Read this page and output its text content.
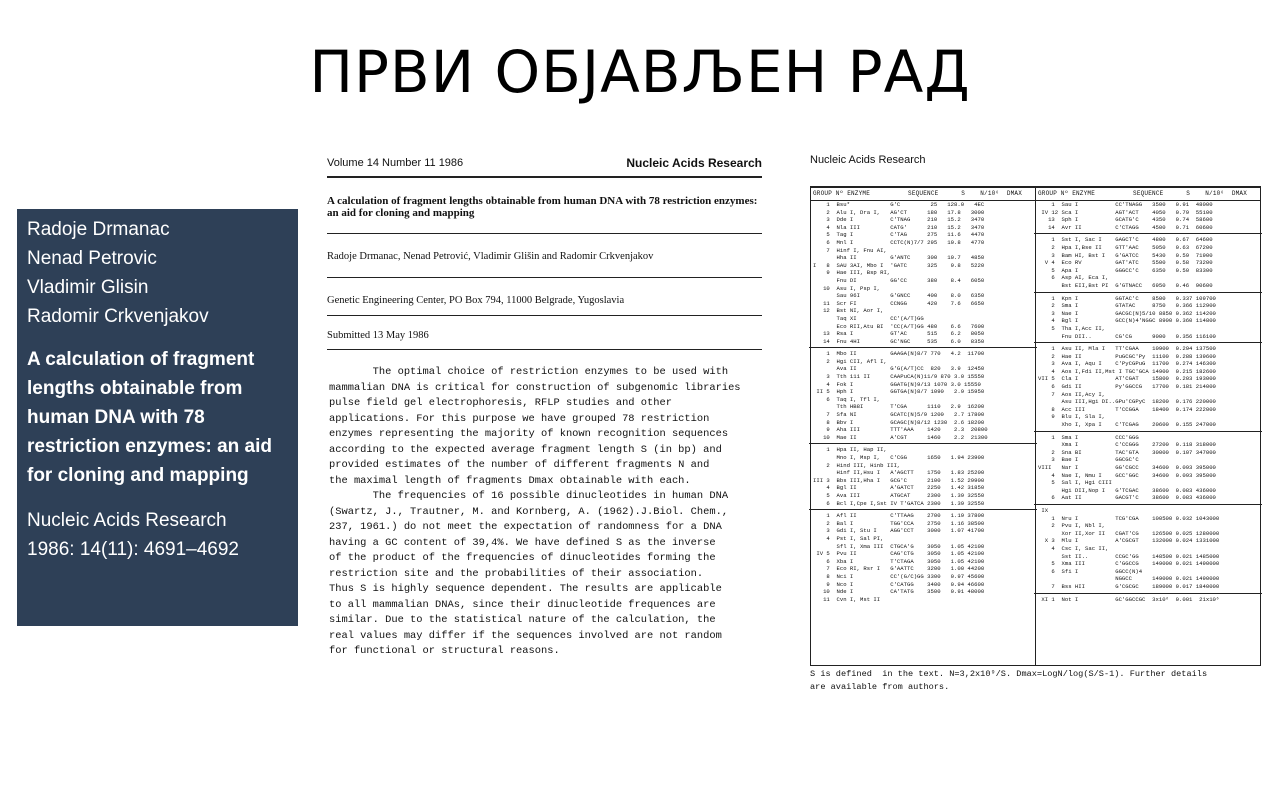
ПРВИ ОБЈАВЉЕН РАД
Radoje Drmanac
Nenad Petrovic
Vladimir Glisin
Radomir Crkvenjakov
A calculation of fragment lengths obtainable from human DNA with 78 restriction enzymes: an aid for cloning and mapping
Nucleic Acids Research
1986: 14(11): 4691–4692
Volume 14 Number 11 1986	Nucleic Acids Research
A calculation of fragment lengths obtainable from human DNA with 78 restriction enzymes: an aid for cloning and mapping
Radoje Drmanac, Nenad Petrović, Vladimir Glišin and Radomir Crkvenjakov
Genetic Engineering Center, PO Box 794, 11000 Belgrade, Yugoslavia
Submitted 13 May 1986
The optimal choice of restriction enzymes to be used with
mammalian DNA is critical for construction of subgenomic libraries
pulse field gel electrophoresis, RFLP studies and other
applications. For this purpose we have grouped 78 restriction
enzymes representing the majority of known recognition sequences
according to the expected average fragment length S (in bp) and
provided estimates of the number of different fragments N and
the maximal length of fragments Dmax obtainable with each.
The frequencies of 16 possible dinucleotides in human DNA
(Swartz, J., Trautner, M. and Kornberg, A. (1962).J.Biol. Chem.,
237, 1961.) do not meet the expectation of randomness for a DNA
having a GC content of 39,4%. We have defined S as the inverse
of the product of the frequencies of dinucleotides forming the
restriction site and the probabilities of their association.
Thus S is highly sequence dependent. The results are applicable
to all mammalian DNAs, since their dinucleotide frequences are
similar. Due to the statistical nature of the calculation, the
real values may differ if the sequences involved are not random
for functional or structural reasons.
Nucleic Acids Research
GROUP Nº ENZYME          SEQUENCE      S    N/10⁶  DMAX
1  Bsu*            G'C         25   128.0   4EC
2  Alu I, Dra I,   AG'CT      180   17.8   3000
3  Dde I           C'TNAG     210   15.2   3470
4  Nla III         CATG'      210   15.2   3470
5  Tag I           C'TAG      275   11.6   4470
6  Mnl I           CCTC(N)7/7 295   10.8   4770
7  Hinf I, Fnu AI,
Hha II          G'ANTC     300   10.7   4850
I   8  SAU 3AI, Mbo I  'GATC      325    9.8   5220
9  Hae III, Bsp RI,
Fnu DI          GG'CC      380    8.4   6050
10  Asu I, Psp I,
Sau 96I         G'GNCC     400    8.0   6350
11  Scr FI          CCNGG      420    7.6   6650
12  Bst NI, Aor I,
Taq XI          CC'(A/T)GG
Eco RII,Atu BI  'CC(A/T)GG 480    6.6   7600
13  Rsa I           GT'AC      515    6.2   8050
14  Fnu 4HI         GC'NGC     535    6.0   8350
1  Mbo II          GAAGA(N)8/7 770   4.2  11700
2  Hgi CII, Afl I,
Ava II          G'G(A/T)CC  820   3.9  12450
3  Tth 111 II      CAAPuCA(N)11/9 870 3.0 15550
4  Fok I           GGATG(N)9/13 1070 3.0 15550
II 5  Hph I           GGTGA(N)8/7 1090   2.9 15950
6  Taq I, Tfl I,
Tth HB8I        T'CGA      1110   2.9  16200
7  Sfa NI          GCATC(N)5/9 1200   2.7 17800
8  Bbv I           GCAGC(N)8/12 1230  2.6 18200
9  Aha III         TTT'AAA    1420    2.3  20800
10  Mae II          A'CGT      1460    2.2  21300
1  Hpa II, Hap II,
Mno I, Msp I,   C'CGG      1650   1.94 23900
2  Hind III, Hinb III,
Hinf II,Hsu I   A'AGCTT    1750   1.83 25200
III 3  Bbs III,Hha I   GCG'C      2100   1.52 29900
4  Bgl II          A'GATCT    2250   1.42 31850
5  Ava III         ATGCAT     2300   1.39 32550
6  Bcl I,Cpe I,Sst IV T'GATCA 2300   1.39 32550
1  Afl II          C'TTAAG    2700   1.19 37800
2  Bal I           TGG'CCA    2750   1.16 38500
3  Gdi I, Stu I    AGG'CCT    3000   1.07 41700
4  Pst I, Sal PI,
Sfl I, Xma III  CTGCA'G    3050   1.05 42100
IV 5  Pvu II          CAG'CTG    3050   1.05 42100
6  Xba I           T'CTAGA    3050   1.05 42100
7  Eco RI, Rsr I   G'AATTC    3200   1.00 44200
8  Nci I           CC'(G/C)GG 3300   0.97 45600
9  Nco I           C'CATGG    3400   0.94 46600
10  Nde I           CA'TATG    3500   0.91 48000
11  Cvn I, Mst II
GROUP Nº ENZYME          SEQUENCE      S    N/10⁶  DMAX
1  Sau I           CC'TNAGG   3500   0.91  48000
IV 12 Sca I           AGT'ACT    4050   0.79  55100
13  Sph I           GCATG'C    4350   0.74  58600
14  Avr II          C'CTAGG    4500   0.71  60600
1  Sst I, Sac I    GAGCT'C    4800   0.67  64600
2  Hpa I,Bse II    GTT'AAC    5050   0.63  67200
3  Bam HI, Bst I   G'GATCC    5430   0.59  71900
V 4  Eco RV          GAT'ATC    5500   0.58  73200
5  Apa I           GGGCC'C    6350   0.50  83300
6  Asp AI, Eca I,
Bst EII,Bst PI  G'GTNACC   6950   0.46  90600
1  Kpn I           GGTAC'C    8500   0.337 109700
2  Sma I           GTATAC     8750   0.366 112900
3  Nae I           GACGC(N)5/10 8850 0.362 114200
4  Bgl I           GCC(N)4'NGGC 8900 0.360 114800
5  Tha I,Acc II,
Fnu DII..       CG'CG      9000   0.356 116100
1  Asu II, Mla I   TT'CGAA    10900  0.294 137500
2  Hae II          PuGCGC'Py  11100  0.288 139600
3  Ava I, Aqu I    C'PyCGPuG  11700  0.274 146300
4  Aos I,Fdi II,Mst I TGC'GCA 14900  0.215 182600
VII 5  Cla I           AT'CGAT    15800  0.203 193000
6  Gdi II          Py'GGCCG   17700  0.181 214000
7  Aos II,Acy I,
Asu III,Hgi DI..GPu'CGPyC  18200  0.176 220000
8  Acc III         T'CCGGA    18400  0.174 222000
9  Blu I, Sla I,
Xho I, Xpa I    C'TCGAG    20600  0.155 247000
1  Sma I           CCC'GGG
Xma I           C'CCGGG    27200  0.118 318000
2  Sna BI          TAC'GTA    30000  0.107 347000
3  Bae I           GGCGC'C
VIII   Nar I           GG'CGCC    34600  0.093 395000
4  Nae I, Nmu I    GCC'GGC    34600  0.093 395000
5  Sal I, Hgi CIII
Hgi DII,Nop I   G'TCGAC    38600  0.083 436000
6  Aat II          GACGT'C    38600  0.083 436000
IX
1  Nru I           TCG'CGA    100500 0.032 1043000
2  Pvu I, Nbl I,
Xor II,Xor II   CGAT'CG    126500 0.025 1280000
X 3  Mlu I           A'CGCGT    132000 0.024 1331000
4  Csc I, Sac II,
Sst II..        CCGC'GG    148500 0.021 1485000
5  Xma III         C'GGCCG    149000 0.021 1490000
6  Sfi I           GGCC(N)4
NGGCC      149000 0.021 1490000
7  Bss HII         G'CGCGC    189000 0.017 1840000
XI 1  Not I           GC'GGCCGC  3x10⁶  0.001  21x10⁶
S is defined  in the text. N=3,2x10⁹/S. Dmax=LogN/log(S/S-1). Further details
are available from authors.
